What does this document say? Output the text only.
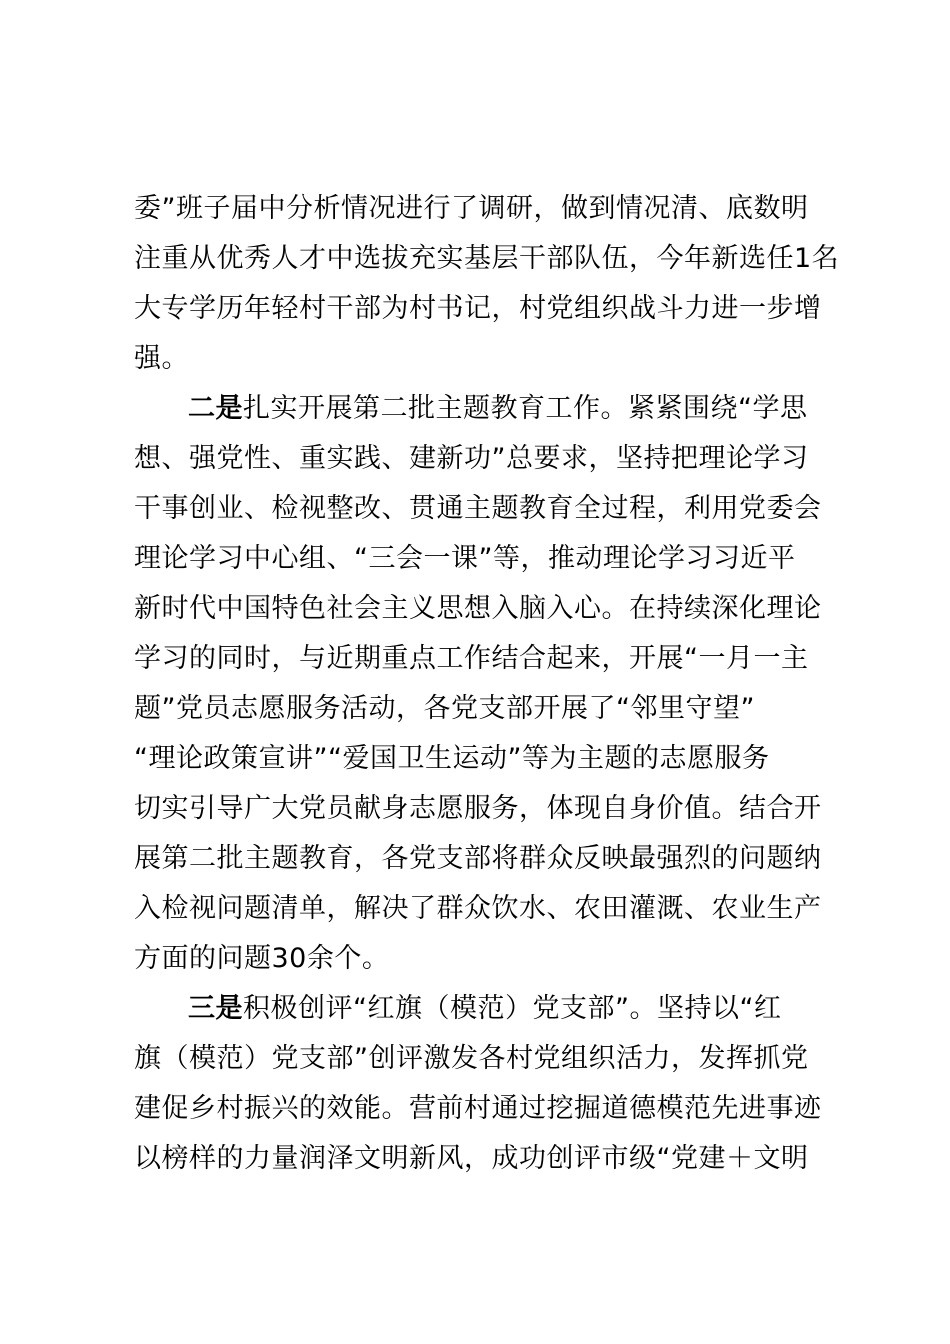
委”班子届中分析情况进行了调研，做到情况清、底数明
注重从优秀人才中选拔充实基层干部队伍，今年新选任1名
大专学历年轻村干部为村书记，村党组织战斗力进一步增
强。
二是扎实开展第二批主题教育工作。紧紧围绕“学思
想、强党性、重实践、建新功”总要求，坚持把理论学习
干事创业、检视整改、贯通主题教育全过程，利用党委会
理论学习中心组、“三会一课”等，推动理论学习习近平
新时代中国特色社会主义思想入脑入心。在持续深化理论
学习的同时，与近期重点工作结合起来，开展“一月一主
题”党员志愿服务活动，各党支部开展了“邻里守望”
“理论政策宣讲”“爱国卫生运动”等为主题的志愿服务
切实引导广大党员献身志愿服务，体现自身价值。结合开
展第二批主题教育，各党支部将群众反映最强烈的问题纳
入检视问题清单，解决了群众饮水、农田灌溉、农业生产
方面的问题30余个。
三是积极创评“红旗（模范）党支部”。坚持以“红
旗（模范）党支部”创评激发各村党组织活力，发挥抓党
建促乡村振兴的效能。营前村通过挖掘道德模范先进事迹
以榜样的力量润泽文明新风，成功创评市级“党建＋文明
